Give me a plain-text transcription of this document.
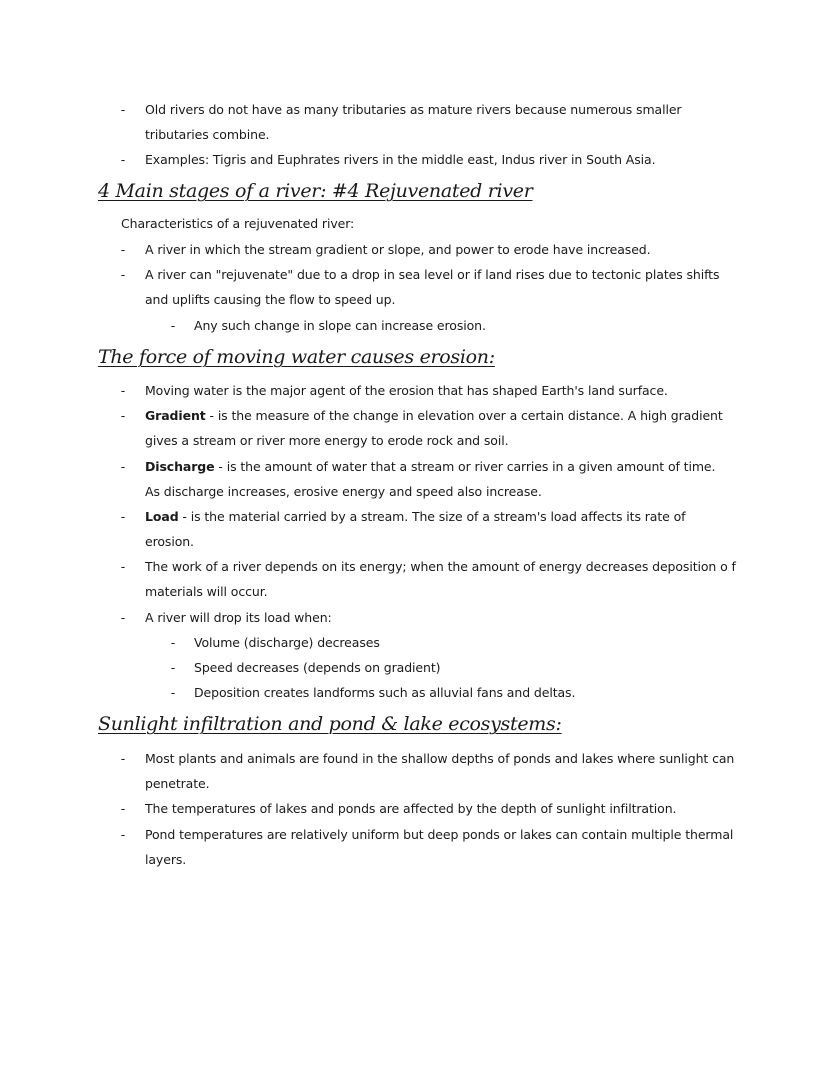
- Old rivers do not have as many tributaries as mature rivers because numerous smaller
tributaries combine.
- Examples: Tigris and Euphrates rivers in the middle east, Indus river in South Asia.
4 Main stages of a river: #4 Rejuvenated river
Characteristics of a rejuvenated river:
- A river in which the stream gradient or slope, and power to erode have increased.
- A river can "rejuvenate" due to a drop in sea level or if land rises due to tectonic plates shifts
and uplifts causing the flow to speed up.
- Any such change in slope can increase erosion.
The force of moving water causes erosion:
- Moving water is the major agent of the erosion that has shaped Earth's land surface.
- Gradient - is the measure of the change in elevation over a certain distance. A high gradient
gives a stream or river more energy to erode rock and soil.
- Discharge - is the amount of water that a stream or river carries in a given amount of time.
As discharge increases, erosive energy and speed also increase.
- Load - is the material carried by a stream. The size of a stream's load affects its rate of
erosion.
- The work of a river depends on its energy; when the amount of energy decreases deposition o f
materials will occur.
- A river will drop its load when:
- Volume (discharge) decreases
- Speed decreases (depends on gradient)
- Deposition creates landforms such as alluvial fans and deltas.
Sunlight infiltration and pond & lake ecosystems:
- Most plants and animals are found in the shallow depths of ponds and lakes where sunlight can
penetrate.
- The temperatures of lakes and ponds are affected by the depth of sunlight infiltration.
- Pond temperatures are relatively uniform but deep ponds or lakes can contain multiple thermal
layers.
